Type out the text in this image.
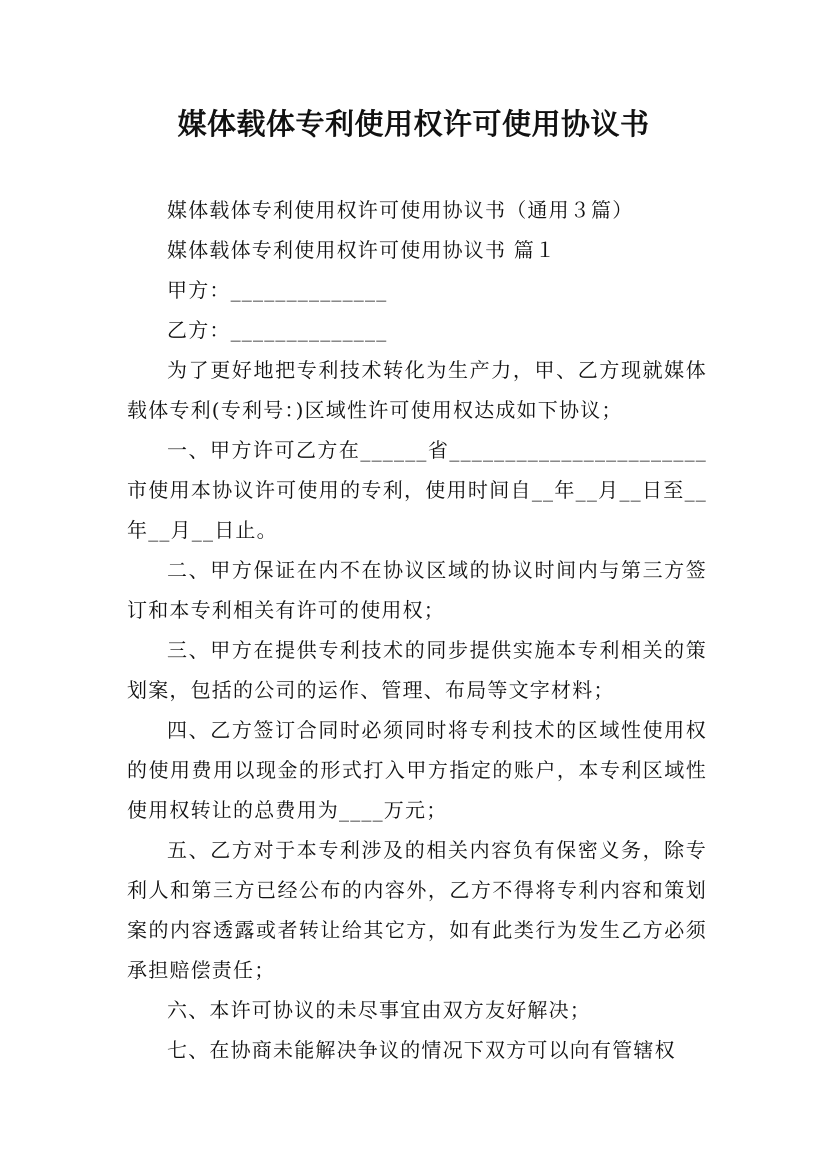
媒体载体专利使用权许可使用协议书

媒体载体专利使用权许可使用协议书（通用３篇）

媒体载体专利使用权许可使用协议书 篇１

甲方：______________

乙方：______________

为了更好地把专利技术转化为生产力，甲、乙方现就媒体载体专利(专利号：)区域性许可使用权达成如下协议；

一、甲方许可乙方在______省_______________________市使用本协议许可使用的专利，使用时间自__年__月__日至__年__月__日止。

二、甲方保证在内不在协议区域的协议时间内与第三方签订和本专利相关有许可的使用权；

三、甲方在提供专利技术的同步提供实施本专利相关的策划案，包括的公司的运作、管理、布局等文字材料；

四、乙方签订合同时必须同时将专利技术的区域性使用权的使用费用以现金的形式打入甲方指定的账户，本专利区域性使用权转让的总费用为____万元；

五、乙方对于本专利涉及的相关内容负有保密义务，除专利人和第三方已经公布的内容外，乙方不得将专利内容和策划案的内容透露或者转让给其它方，如有此类行为发生乙方必须承担赔偿责任；

六、本许可协议的未尽事宜由双方友好解决；

七、在协商未能解决争议的情况下双方可以向有管辖权
